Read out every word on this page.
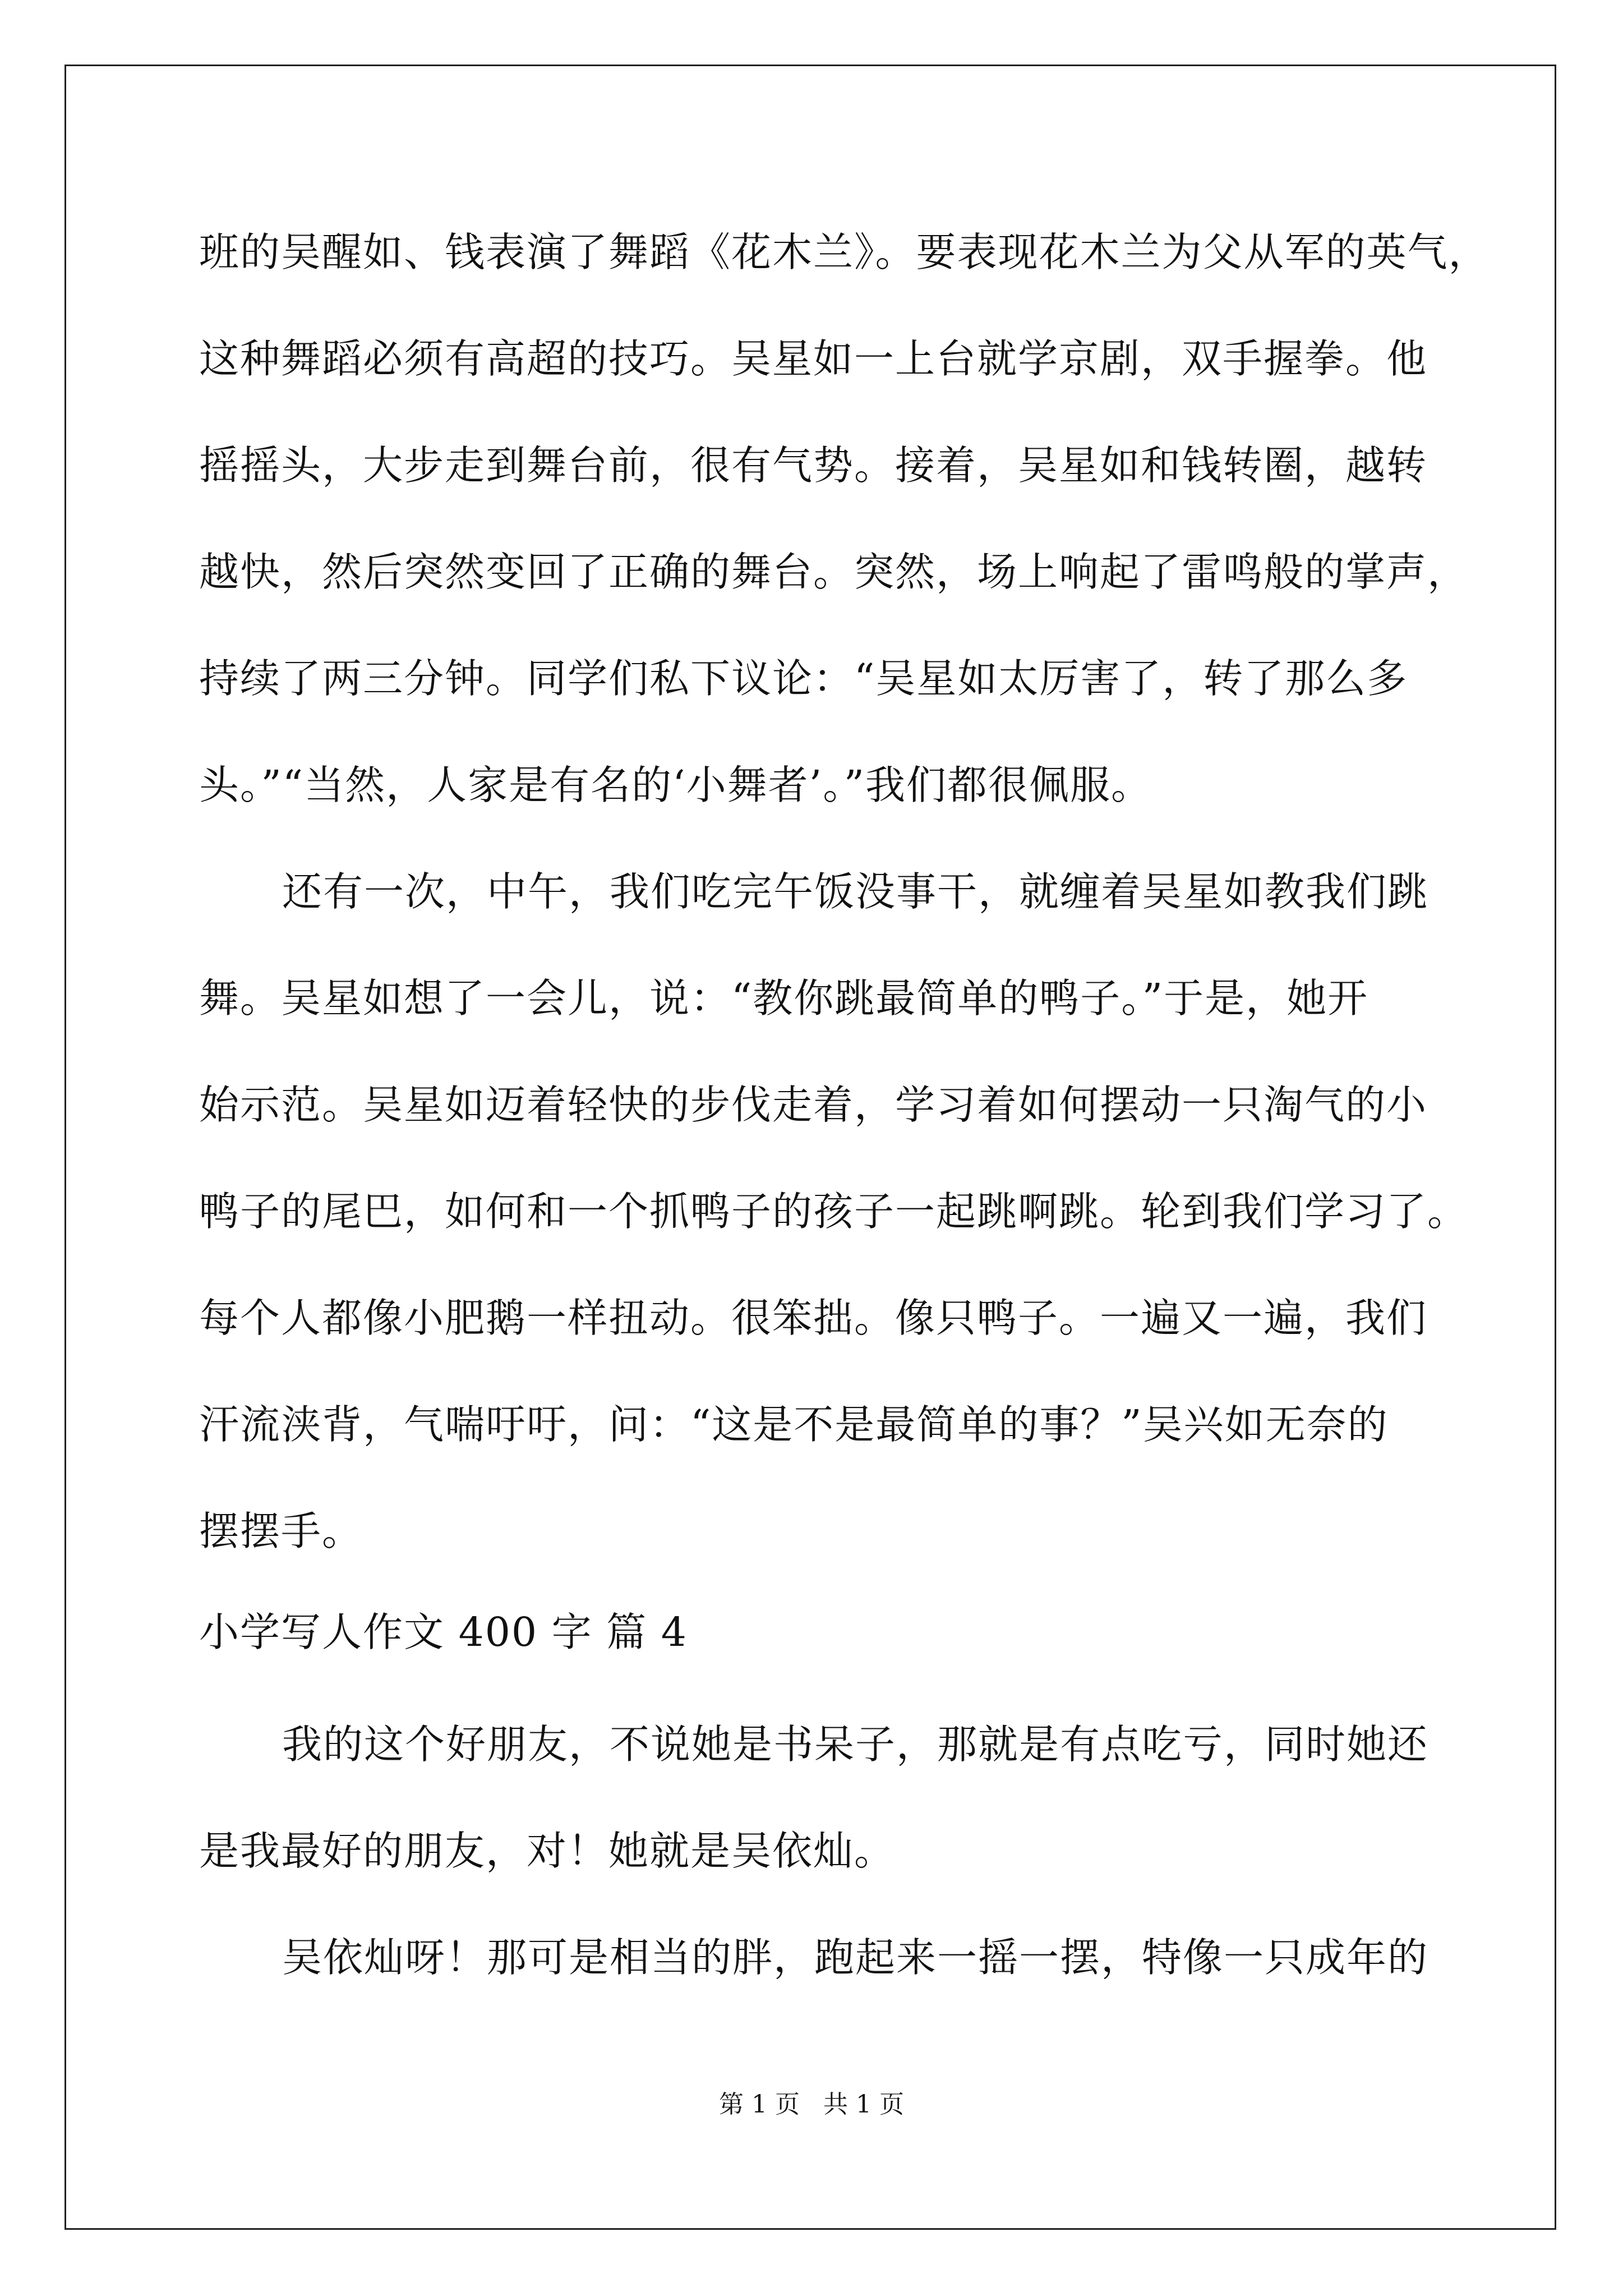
班的吴醒如、钱表演了舞蹈《花木兰》。要表现花木兰为父从军的英气，
这种舞蹈必须有高超的技巧。吴星如一上台就学京剧，双手握拳。他
摇摇头，大步走到舞台前，很有气势。接着，吴星如和钱转圈，越转
越快，然后突然变回了正确的舞台。突然，场上响起了雷鸣般的掌声，
持续了两三分钟。同学们私下议论：“吴星如太厉害了，转了那么多
头。”“当然，人家是有名的‘小舞者’。”我们都很佩服。
还有一次，中午，我们吃完午饭没事干，就缠着吴星如教我们跳
舞。吴星如想了一会儿，说：“教你跳最简单的鸭子。”于是，她开
始示范。吴星如迈着轻快的步伐走着，学习着如何摆动一只淘气的小
鸭子的尾巴，如何和一个抓鸭子的孩子一起跳啊跳。轮到我们学习了。
每个人都像小肥鹅一样扭动。很笨拙。像只鸭子。一遍又一遍，我们
汗流浃背，气喘吁吁，问：“这是不是最简单的事？”吴兴如无奈的
摆摆手。
小学写人作文 400 字 篇 4
我的这个好朋友，不说她是书呆子，那就是有点吃亏，同时她还
是我最好的朋友，对！她就是吴依灿。
吴依灿呀！那可是相当的胖，跑起来一摇一摆，特像一只成年的
第 1 页   共 1 页
